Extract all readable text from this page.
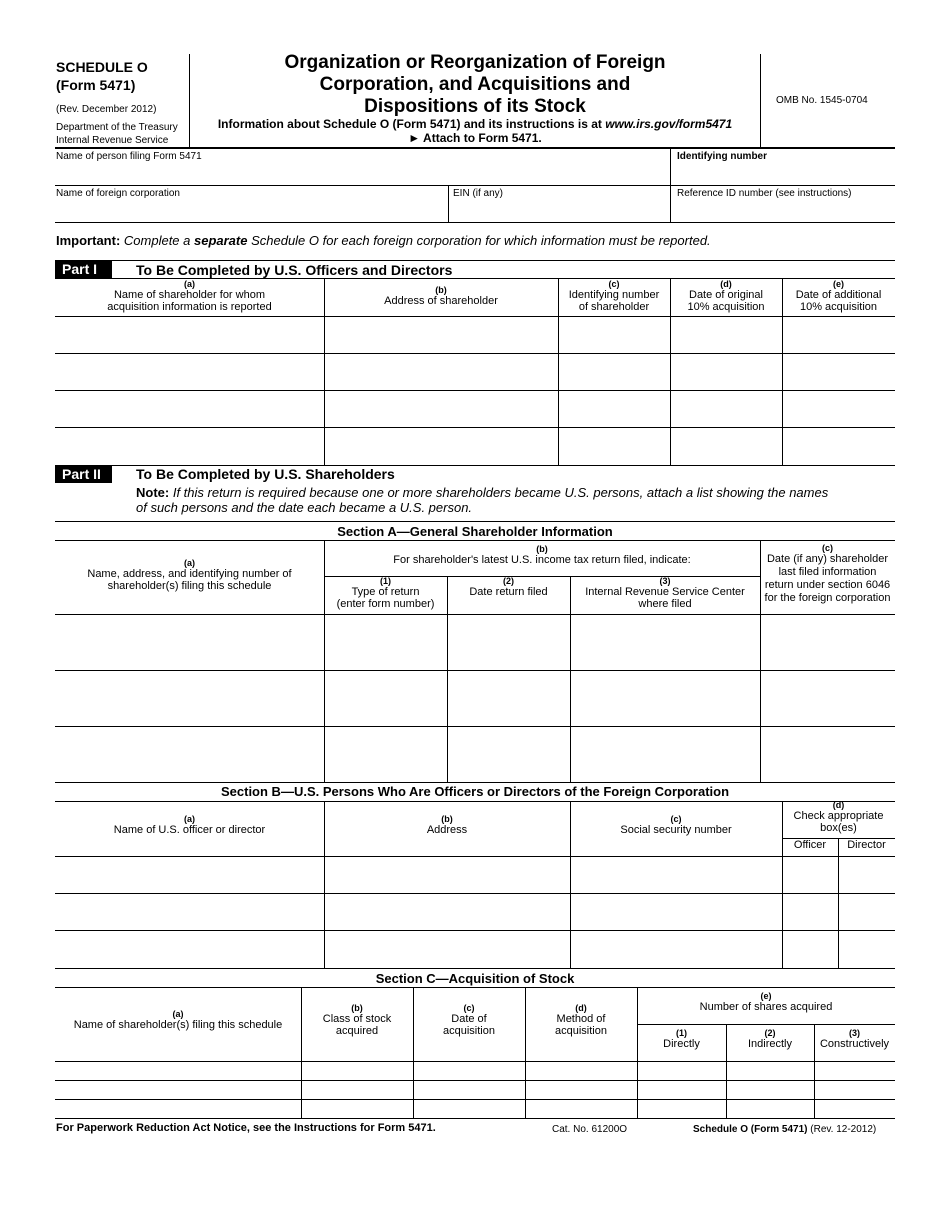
SCHEDULE O
(Form 5471)
(Rev. December 2012)
Department of the Treasury
Internal Revenue Service
Organization or Reorganization of Foreign
Corporation, and Acquisitions and
Dispositions of its Stock
Information about Schedule O (Form 5471) and its instructions is at www.irs.gov/form5471
► Attach to Form 5471.
OMB No. 1545-0704
Name of person filing Form 5471	Identifying number
Name of foreign corporation	EIN (if any)	Reference ID number (see instructions)
Important: Complete a separate Schedule O for each foreign corporation for which information must be reported.
Part I	To Be Completed by U.S. Officers and Directors
(a)
Name of shareholder for whom
acquisition information is reported
(b)
Address of shareholder
(c)
Identifying number
of shareholder
(d)
Date of original
10% acquisition
(e)
Date of additional
10% acquisition
Part II	To Be Completed by U.S. Shareholders
Note: If this return is required because one or more shareholders became U.S. persons, attach a list showing the names
of such persons and the date each became a U.S. person.
Section A—General Shareholder Information
(a)
Name, address, and identifying number of
shareholder(s) filing this schedule
(b)
For shareholder's latest U.S. income tax return filed, indicate:
(1)
Type of return
(enter form number)
(2)
Date return filed
(3)
Internal Revenue Service Center
where filed
(c)
Date (if any) shareholder
last filed information
return under section 6046
for the foreign corporation
Section B—U.S. Persons Who Are Officers or Directors of the Foreign Corporation
(a)
Name of U.S. officer or director
(b)
Address
(c)
Social security number
(d)
Check appropriate
box(es)
Officer	Director
Section C—Acquisition of Stock
(a)
Name of shareholder(s) filing this schedule
(b)
Class of stock
acquired
(c)
Date of
acquisition
(d)
Method of
acquisition
(e)
Number of shares acquired
(1)
Directly
(2)
Indirectly
(3)
Constructively
For Paperwork Reduction Act Notice, see the Instructions for Form 5471.	Cat. No. 61200O	Schedule O (Form 5471) (Rev. 12-2012)
